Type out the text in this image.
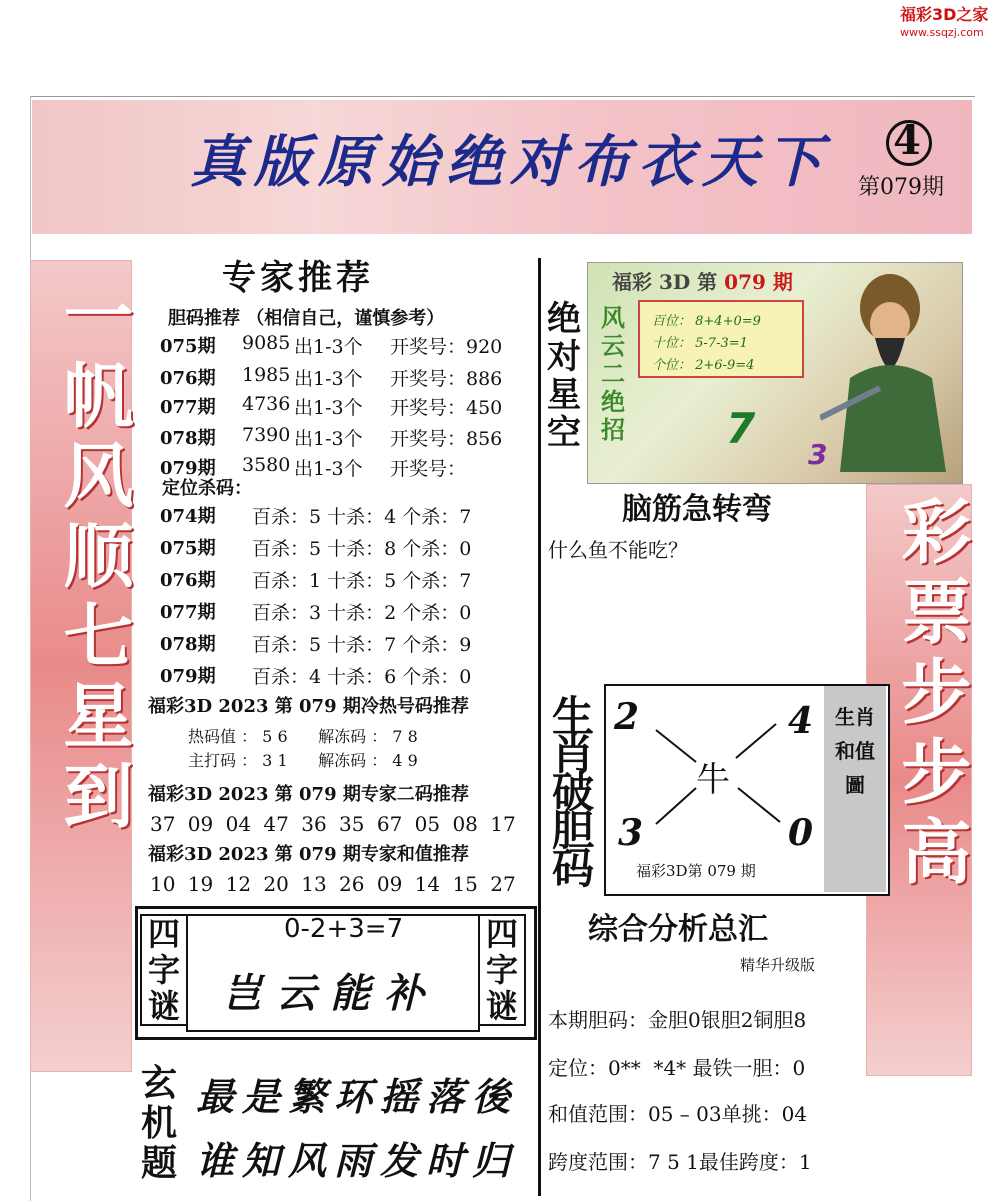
福彩3D之家
www.ssqzj.com
真版原始绝对布衣天下 4
第079期
一帆风顺七星到	彩票步步高
专家推荐
胆码推荐 （相信自己，谨慎参考）
075期 9085 出1-3个 开奖号：920
076期 1985 出1-3个 开奖号：886
077期 4736 出1-3个 开奖号：450
078期 7390 出1-3个 开奖号：856
079期 3580 出1-3个 开奖号：
定位杀码：
074期 百杀：5 十杀：4 个杀：7
075期 百杀：5 十杀：8 个杀：0
076期 百杀：1 十杀：5 个杀：7
077期 百杀：3 十杀：2 个杀：0
078期 百杀：5 十杀：7 个杀：9
079期 百杀：4 十杀：6 个杀：0
福彩3D 2023 第 079 期冷热号码推荐
热码值 ： 5 6      解冻码 ： 7 8
主打码 ： 3 1      解冻码 ： 4 9
福彩3D 2023 第 079 期专家二码推荐
37 09 04 47 36 35 67 05 08 17
福彩3D 2023 第 079 期专家和值推荐
10 19 12 20 13 26 09 14 15 27
四字谜
四字谜
0-2+3=7
岂云能补
玄机题
最是繁环摇落後
谁知风雨发时归
绝对星空
福彩 3D 第 079 期
风云二绝招
百位： 8+4+0=9
十位： 5-7-3=1
个位： 2+6-9=4
7
3
脑筋急转弯
什么鱼不能吃？
生肖破胆码
生肖和值圖
2	4
3	0
牛
福彩3D第 079 期
综合分析总汇
精华升级版
本期胆码：金胆0银胆2铜胆8
定位：0**  *4* 最铁一胆：0
和值范围：05 – 03单挑：04
跨度范围：7 5 1最佳跨度：1
